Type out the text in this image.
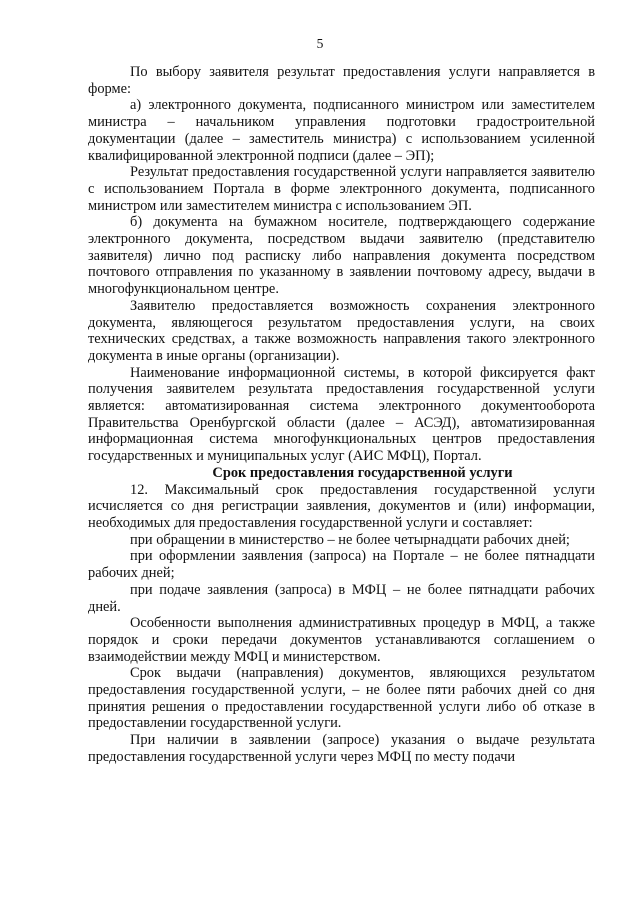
5

По выбору заявителя результат предоставления услуги направляется в форме:

а) электронного документа, подписанного министром или заместителем министра – начальником управления подготовки градостроительной документации (далее – заместитель министра) с использованием усиленной квалифицированной электронной подписи (далее – ЭП);

Результат предоставления государственной услуги направляется заявителю с использованием Портала в форме электронного документа, подписанного министром или заместителем министра с использованием ЭП.

б) документа на бумажном носителе, подтверждающего содержание электронного документа, посредством выдачи заявителю (представителю заявителя) лично под расписку либо направления документа посредством почтового отправления по указанному в заявлении почтовому адресу, выдачи в многофункциональном центре.

Заявителю предоставляется возможность сохранения электронного документа, являющегося результатом предоставления услуги, на своих технических средствах, а также возможность направления такого электронного документа в иные органы (организации).

Наименование информационной системы, в которой фиксируется факт получения заявителем результата предоставления государственной услуги является: автоматизированная система электронного документооборота Правительства Оренбургской области (далее – АСЭД), автоматизированная информационная система многофункциональных центров предоставления государственных и муниципальных услуг (АИС МФЦ), Портал.

Срок предоставления государственной услуги

12. Максимальный срок предоставления государственной услуги исчисляется со дня регистрации заявления, документов и (или) информации, необходимых для предоставления государственной услуги и составляет:

при обращении в министерство – не более четырнадцати рабочих дней;

при оформлении заявления (запроса) на Портале – не более пятнадцати рабочих дней;

при подаче заявления (запроса) в МФЦ – не более пятнадцати рабочих дней.

Особенности выполнения административных процедур в МФЦ, а также порядок и сроки передачи документов устанавливаются соглашением о взаимодействии между МФЦ и министерством.

Срок выдачи (направления) документов, являющихся результатом предоставления государственной услуги, – не более пяти рабочих дней со дня принятия решения о предоставлении государственной услуги либо об отказе в предоставлении государственной услуги.

При наличии в заявлении (запросе) указания о выдаче результата предоставления государственной услуги через МФЦ по месту подачи
